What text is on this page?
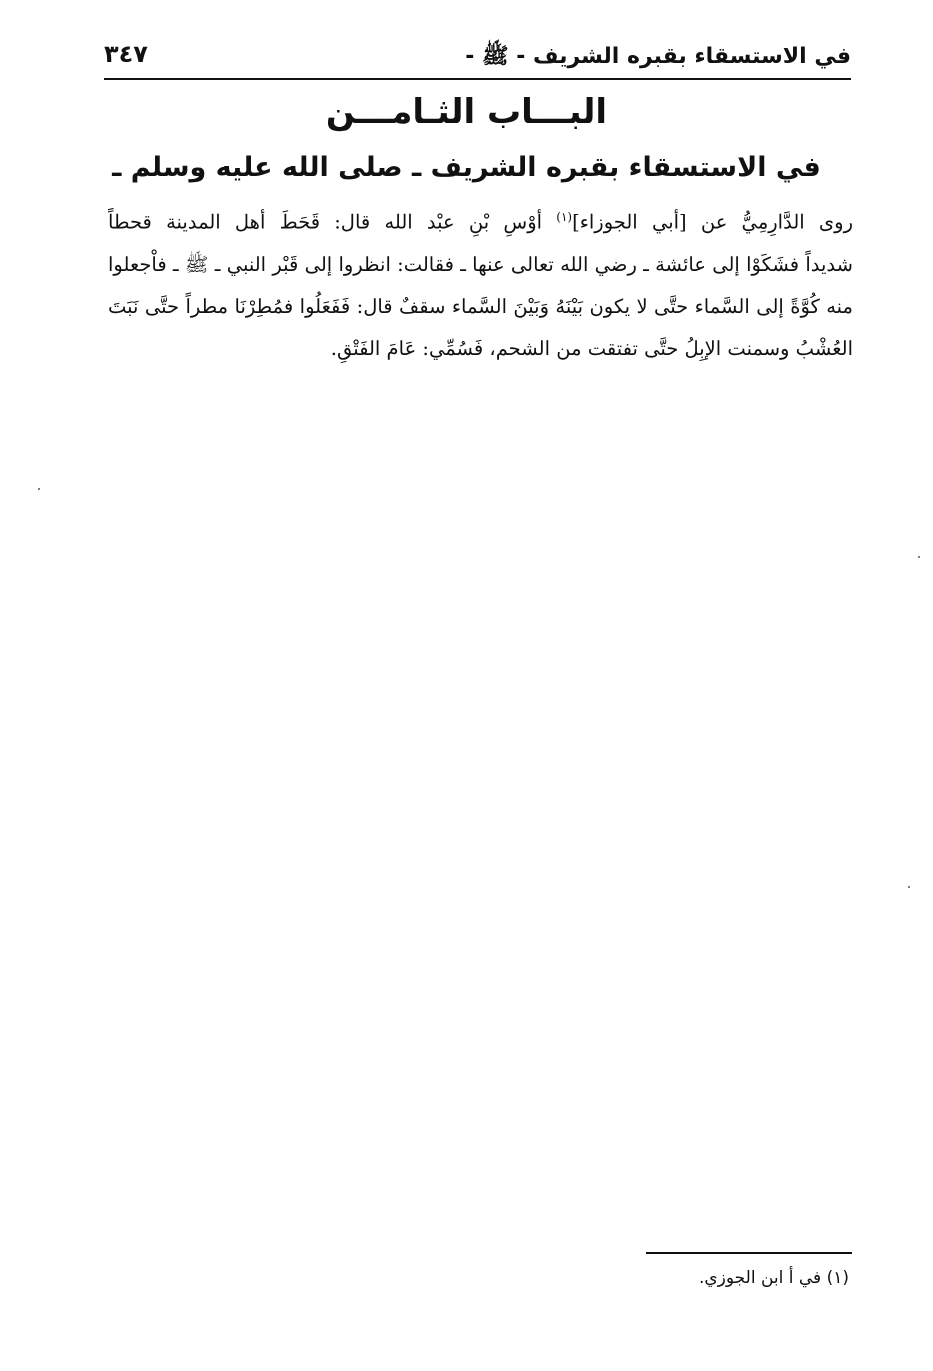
في الاستسقاء بقبره الشريف - ﷺ -
٣٤٧
البـــاب الثـامـــن
في الاستسقاء بقبره الشريف ـ صلى الله عليه وسلم ـ
روى الدَّارِمِيُّ عن [أبي الجوزاء]$^{(١)}$ أوْسِ بْنِ عبْد الله قال: قَحَطَ أهل المدينة قحطاً
شديداً فشَكَوْا إلى عائشة ـ رضي الله تعالى عنها ـ فقالت: انظروا إلى قَبْر النبي ـ ﷺ ـ فاْجعلوا
منه كُوَّةً إلى السَّماء حتَّى لا يكون بَيْنَهُ وَبَيْنَ السَّماء سقفٌ قال: فَفَعَلُوا فمُطِرْنَا مطراً حتَّى نَبَتَ
العُشْبُ وسمنت الإبِلُ حتَّى تفتقت من الشحم، فَسُمِّي: عَامَ الفَتْقِ.
(١) في أ ابن الجوزي.
